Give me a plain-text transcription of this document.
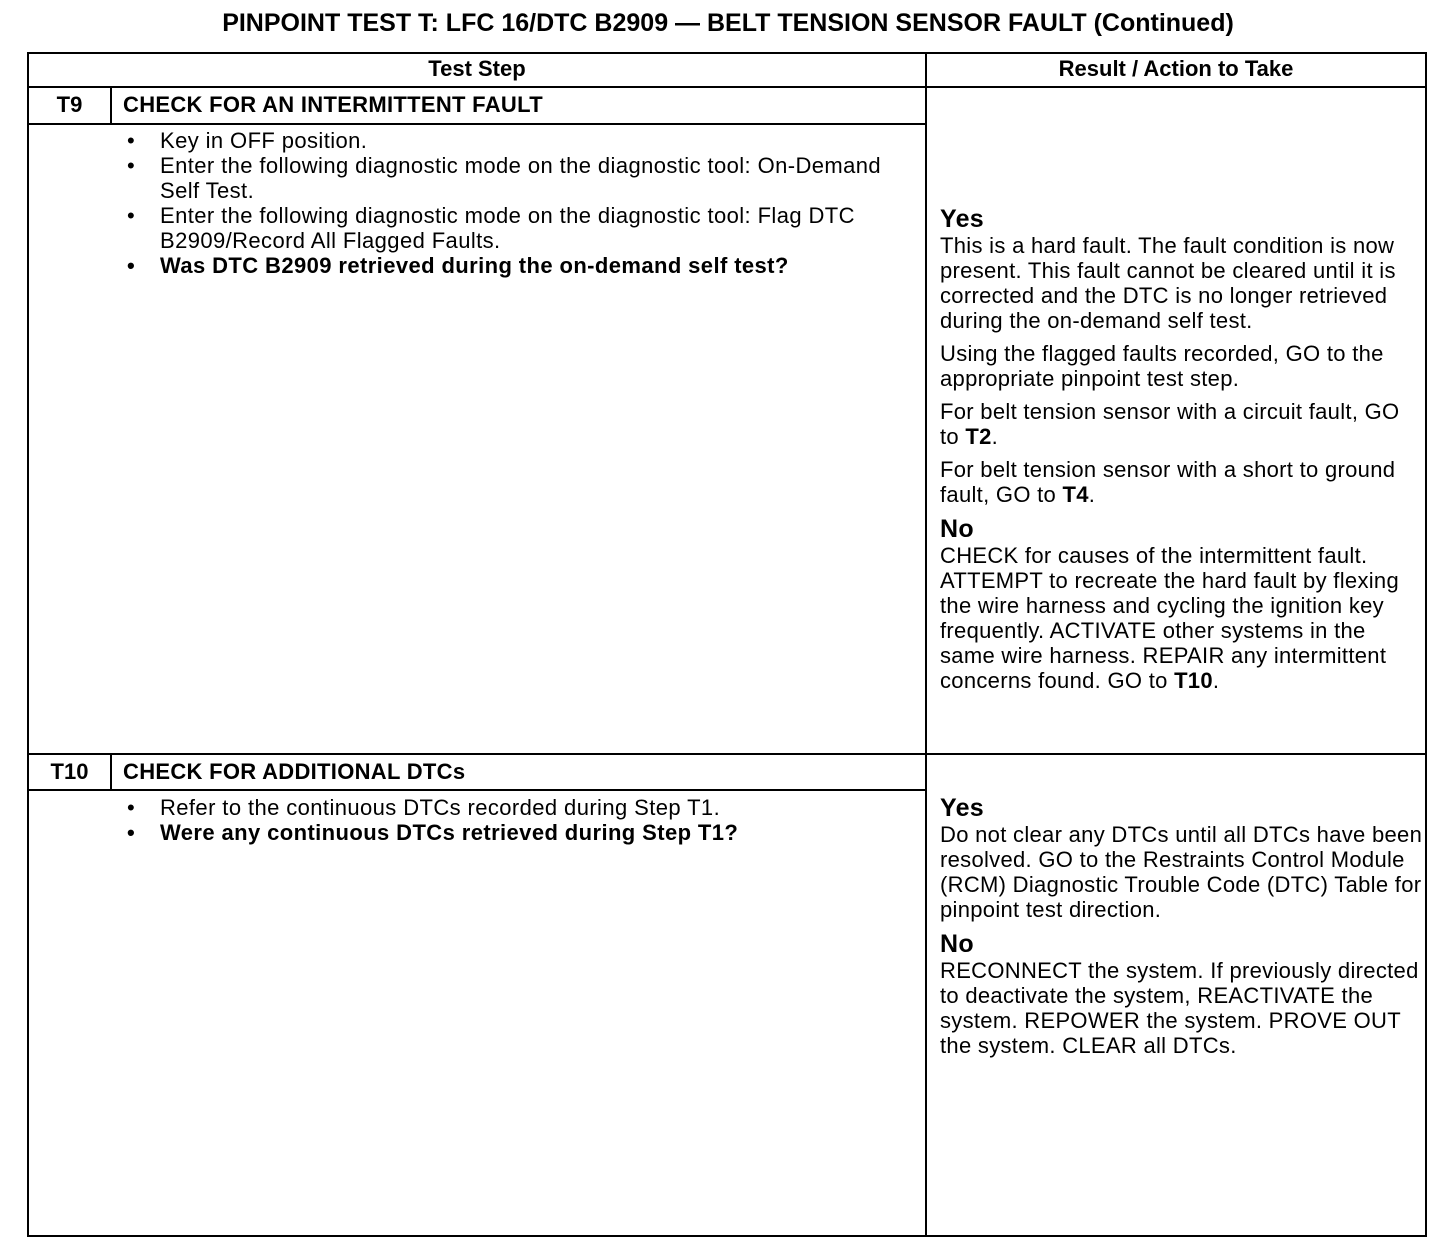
PINPOINT TEST T: LFC 16/DTC B2909 — BELT TENSION SENSOR FAULT (Continued)
Test Step	Result / Action to Take
T9	CHECK FOR AN INTERMITTENT FAULT
• Key in OFF position.
• Enter the following diagnostic mode on the diagnostic tool: On-Demand Self Test.
• Enter the following diagnostic mode on the diagnostic tool: Flag DTC B2909/Record All Flagged Faults.
• Was DTC B2909 retrieved during the on-demand self test?
Yes

This is a hard fault. The fault condition is now present. This fault cannot be cleared until it is corrected and the DTC is no longer retrieved during the on-demand self test.

Using the flagged faults recorded, GO to the appropriate pinpoint test step.

For belt tension sensor with a circuit fault, GO to T2.

For belt tension sensor with a short to ground fault, GO to T4.

No

CHECK for causes of the intermittent fault. ATTEMPT to recreate the hard fault by flexing the wire harness and cycling the ignition key frequently. ACTIVATE other systems in the same wire harness. REPAIR any intermittent concerns found. GO to T10.

T10	CHECK FOR ADDITIONAL DTCs
• Refer to the continuous DTCs recorded during Step T1.
• Were any continuous DTCs retrieved during Step T1?
Yes

Do not clear any DTCs until all DTCs have been resolved. GO to the Restraints Control Module (RCM) Diagnostic Trouble Code (DTC) Table for pinpoint test direction.

No

RECONNECT the system. If previously directed to deactivate the system, REACTIVATE the system. REPOWER the system. PROVE OUT the system. CLEAR all DTCs.
